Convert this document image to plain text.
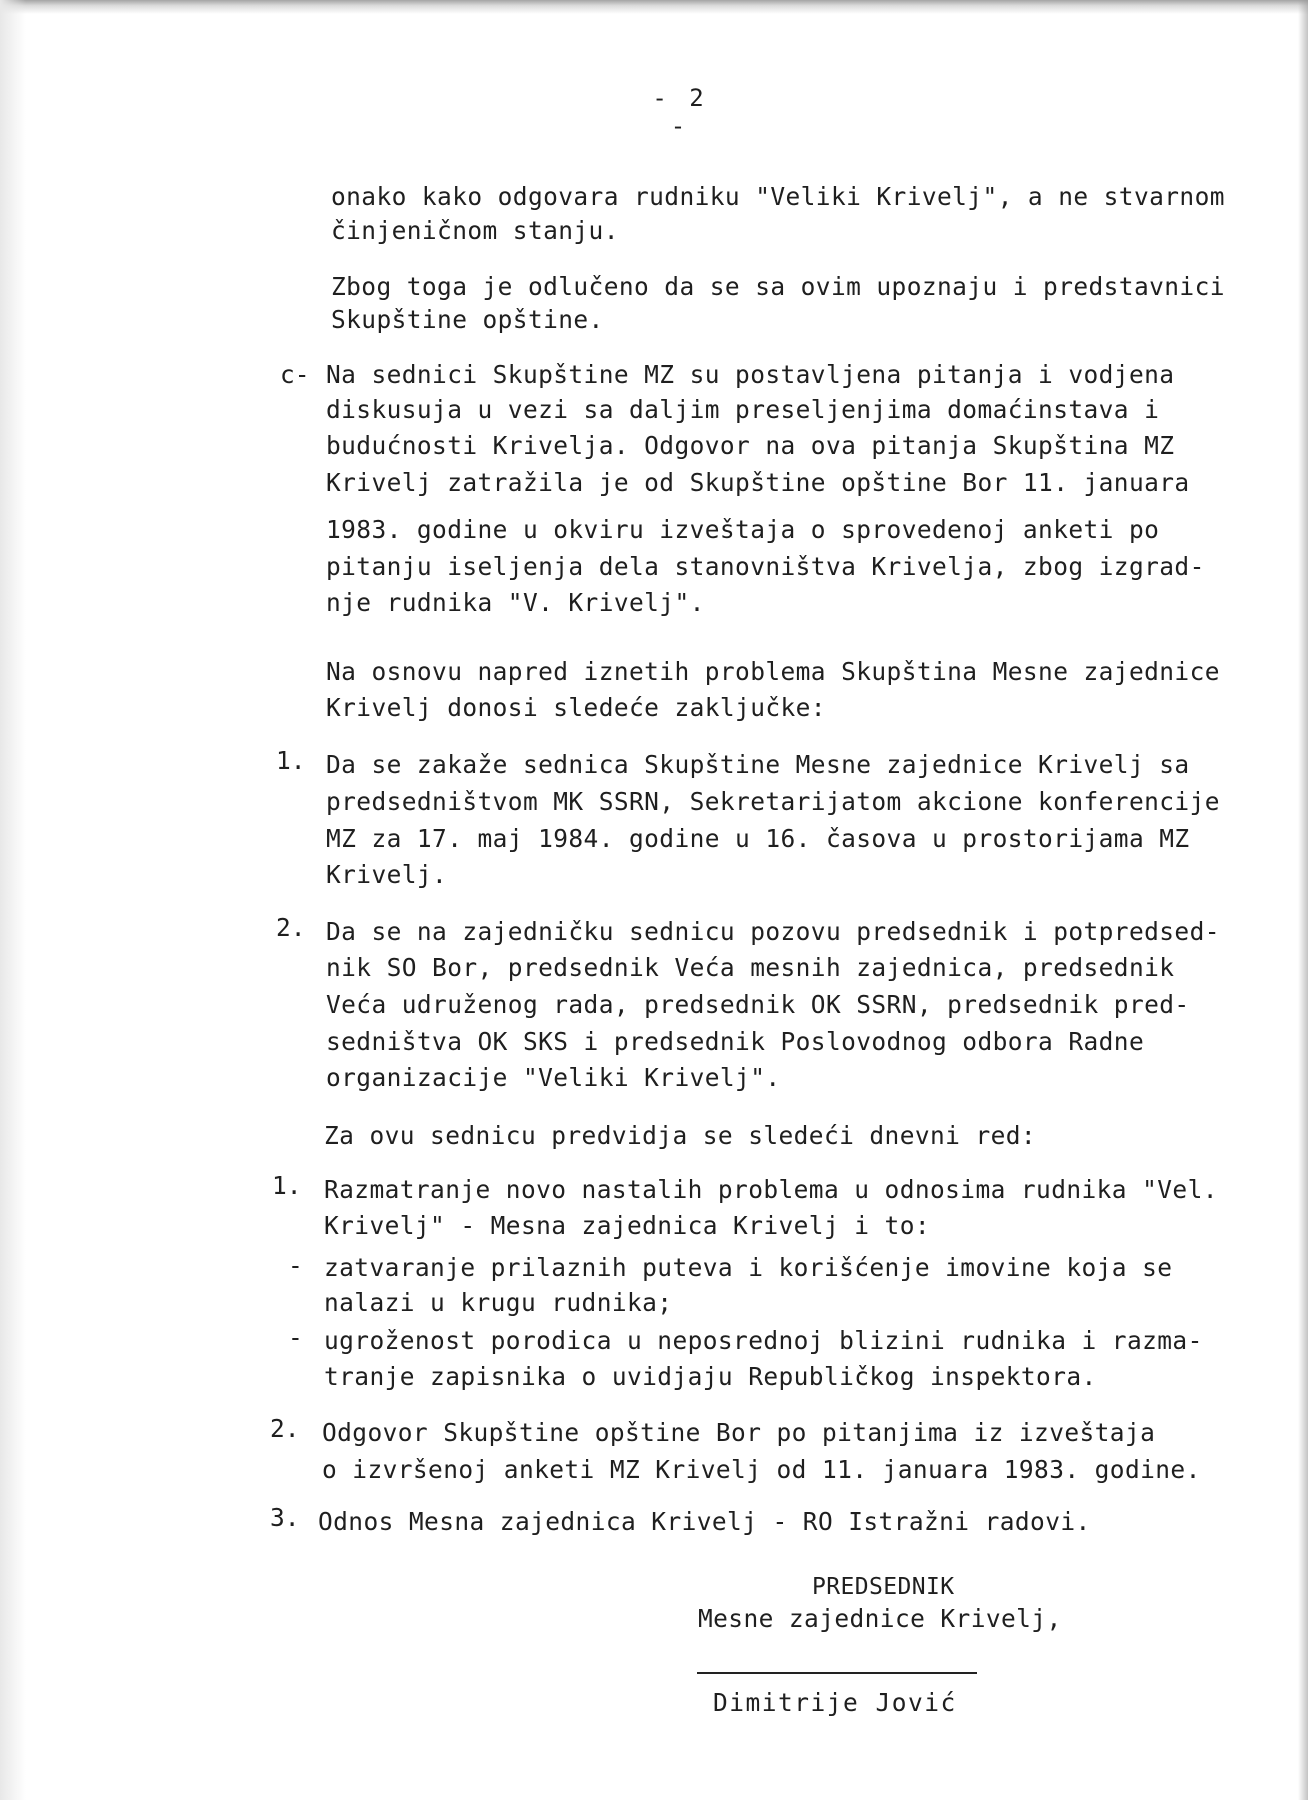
- 2 -
onako kako odgovara rudniku "Veliki Krivelj", a ne stvarnom
činjeničnom stanju.
Zbog toga je odlučeno da se sa ovim upoznaju i predstavnici
Skupštine opštine.
c- Na sednici Skupštine MZ su postavljena pitanja i vodjena
diskusuja u vezi sa daljim preseljenjima domaćinstava i
budućnosti Krivelja. Odgovor na ova pitanja Skupština MZ
Krivelj zatražila je od Skupštine opštine Bor 11. januara
1983. godine u okviru izveštaja o sprovedenoj anketi po
pitanju iseljenja dela stanovništva Krivelja, zbog izgrad-
nje rudnika "V. Krivelj".
Na osnovu napred iznetih problema Skupština Mesne zajednice
Krivelj donosi sledeće zaključke:
1. Da se zakaže sednica Skupštine Mesne zajednice Krivelj sa
predsedništvom MK SSRN, Sekretarijatom akcione konferencije
MZ za 17. maj 1984. godine u 16. časova u prostorijama MZ
Krivelj.
2. Da se na zajedničku sednicu pozovu predsednik i potpredsed-
nik SO Bor, predsednik Veća mesnih zajednica, predsednik
Veća udruženog rada, predsednik OK SSRN, predsednik pred-
sedništva OK SKS i predsednik Poslovodnog odbora Radne
organizacije "Veliki Krivelj".
Za ovu sednicu predvidja se sledeći dnevni red:
1. Razmatranje novo nastalih problema u odnosima rudnika "Vel.
Krivelj" - Mesna zajednica Krivelj i to:
- zatvaranje prilaznih puteva i korišćenje imovine koja se
nalazi u krugu rudnika;
- ugroženost porodica u neposrednoj blizini rudnika i razma-
tranje zapisnika o uvidjaju Republičkog inspektora.
2. Odgovor Skupštine opštine Bor po pitanjima iz izveštaja
o izvršenoj anketi MZ Krivelj od 11. januara 1983. godine.
3. Odnos Mesna zajednica Krivelj - RO Istražni radovi.
PREDSEDNIK
Mesne zajednice Krivelj,
Dimitrije Jović
